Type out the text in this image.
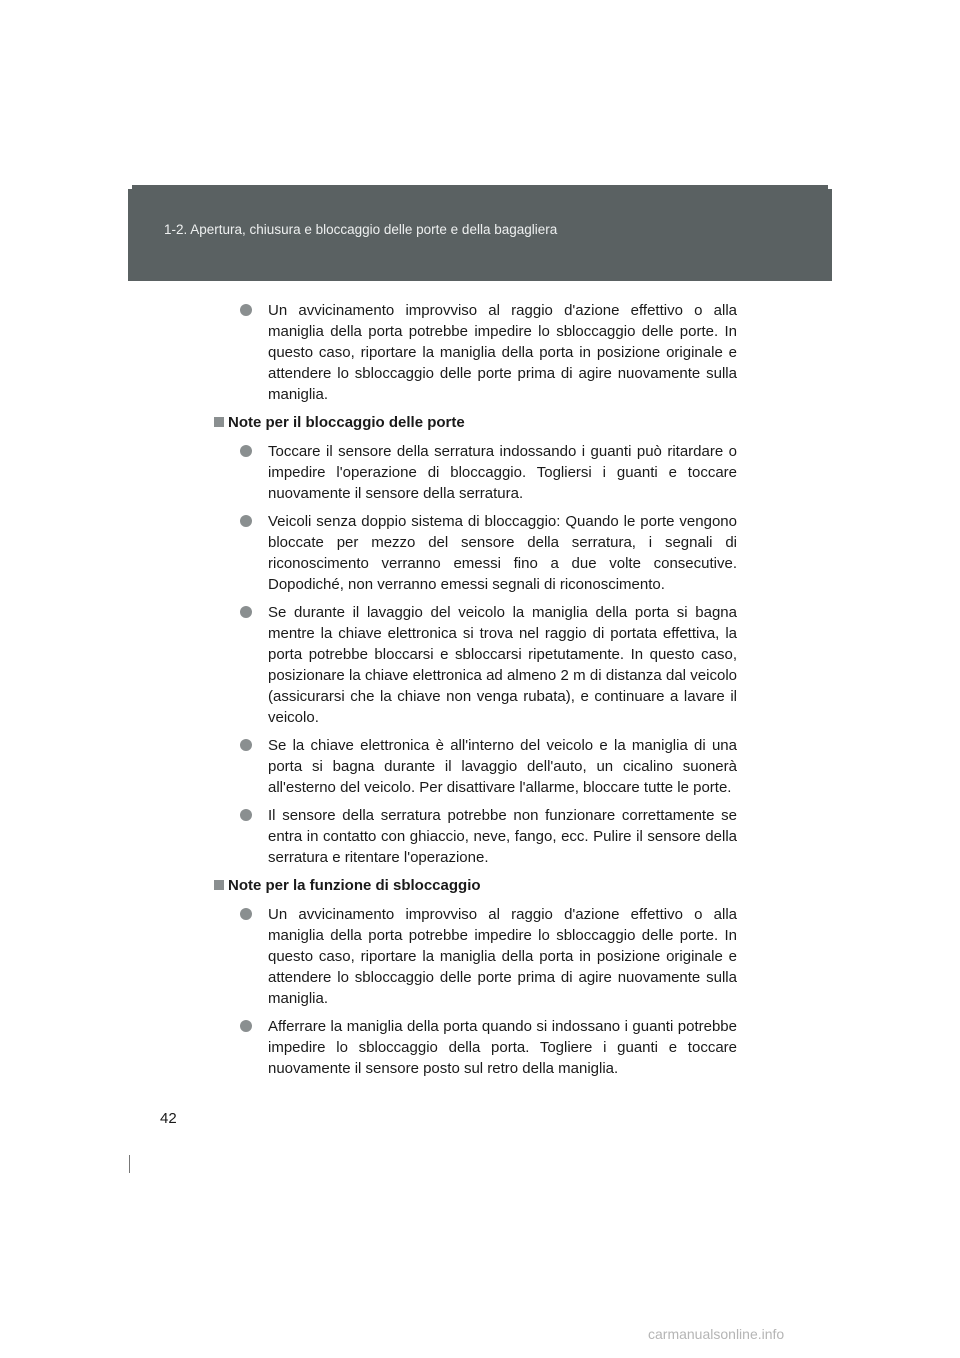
1-2. Apertura, chiusura e bloccaggio delle porte e della bagagliera
Un avvicinamento improvviso al raggio d'azione effettivo o alla maniglia della porta potrebbe impedire lo sbloccaggio delle porte. In questo caso, riportare la maniglia della porta in posizione originale e attendere lo sbloccaggio delle porte prima di agire nuovamente sulla maniglia.
Note per il bloccaggio delle porte
Toccare il sensore della serratura indossando i guanti può ritardare o impedire l'operazione di bloccaggio. Togliersi i guanti e toccare nuovamente il sensore della serratura.
Veicoli senza doppio sistema di bloccaggio: Quando le porte vengono bloccate per mezzo del sensore della serratura, i segnali di riconoscimento verranno emessi fino a due volte consecutive. Dopodiché, non verranno emessi segnali di riconoscimento.
Se durante il lavaggio del veicolo la maniglia della porta si bagna mentre la chiave elettronica si trova nel raggio di portata effettiva, la porta potrebbe bloccarsi e sbloccarsi ripetutamente. In questo caso, posizionare la chiave elettronica ad almeno 2 m di distanza dal veicolo (assicurarsi che la chiave non venga rubata), e continuare a lavare il veicolo.
Se la chiave elettronica è all'interno del veicolo e la maniglia di una porta si bagna durante il lavaggio dell'auto, un cicalino suonerà all'esterno del veicolo. Per disattivare l'allarme, bloccare tutte le porte.
Il sensore della serratura potrebbe non funzionare correttamente se entra in contatto con ghiaccio, neve, fango, ecc. Pulire il sensore della serratura e ritentare l'operazione.
Note per la funzione di sbloccaggio
Un avvicinamento improvviso al raggio d'azione effettivo o alla maniglia della porta potrebbe impedire lo sbloccaggio delle porte. In questo caso, riportare la maniglia della porta in posizione originale e attendere lo sbloccaggio delle porte prima di agire nuovamente sulla maniglia.
Afferrare la maniglia della porta quando si indossano i guanti potrebbe impedire lo sbloccaggio della porta. Togliere i guanti e toccare nuovamente il sensore posto sul retro della maniglia.
42
carmanualsonline.info
